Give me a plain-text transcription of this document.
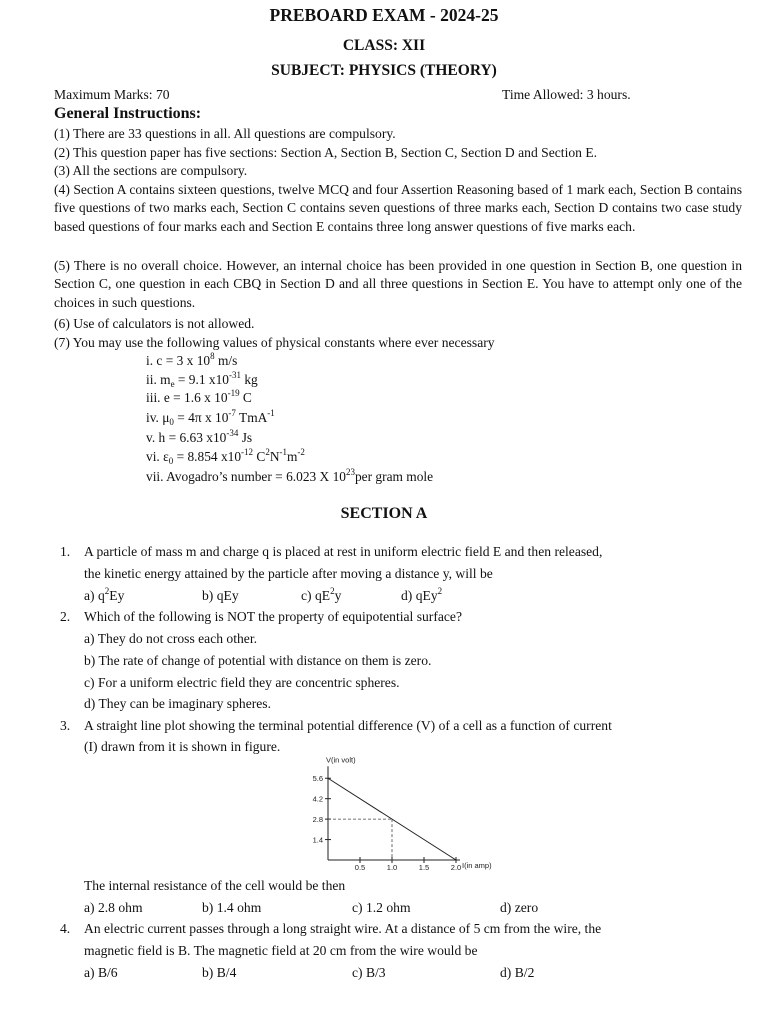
PREBOARD EXAM - 2024-25
CLASS: XII
SUBJECT: PHYSICS (THEORY)
Maximum Marks: 70	Time Allowed: 3 hours.
General Instructions:
(1) There are 33 questions in all. All questions are compulsory.
(2) This question paper has five sections: Section A, Section B, Section C, Section D and Section E.
(3) All the sections are compulsory.
(4) Section A contains sixteen questions, twelve MCQ and four Assertion Reasoning based of 1 mark each, Section B contains five questions of two marks each, Section C contains seven questions of three marks each, Section D contains two case study based questions of four marks each and Section E contains three long answer questions of five marks each.
(5) There is no overall choice. However, an internal choice has been provided in one question in Section B, one question in Section C, one question in each CBQ in Section D and all three questions in Section E. You have to attempt only one of the choices in such questions.
(6) Use of calculators is not allowed.
(7) You may use the following values of physical constants where ever necessary
i. c = 3 x $10^8$ m/s
ii. $m_e = 9.1$ $x10^{-31}$ kg
iii. e = 1.6 x $10^{-19}$ C
iv. $\mu_0 = 4\pi$ x $10^{-7}$ TmA$^{-1}$
v. h = 6.63 $x10^{-34}$ Js
vi. $\varepsilon_0 = 8.854$ $x10^{-12}$ $C^2N^{-1}m^{-2}$
vii. Avogadro’s number = 6.023 X $10^{23}per$ gram mole
SECTION A
1. A particle of mass m and charge q is placed at rest in uniform electric field E and then released,
the kinetic energy attained by the particle after moving a distance y, will be
a) $q^2Ey$	b) qEy	c) $qE^2y$	d) qEy$^2$
2. Which of the following is NOT the property of equipotential surface?
a) They do not cross each other.
b) The rate of change of potential with distance on them is zero.
c) For a uniform electric field they are concentric spheres.
d) They can be imaginary spheres.
3. A straight line plot showing the terminal potential difference (V) of a cell as a function of current
(I) drawn from it is shown in figure.
V(in volt)
I(in amp)
5.6
4.2
2.8
1.4
0.5	1.0	1.5	2.0
The internal resistance of the cell would be then
a) 2.8 ohm	b) 1.4 ohm	c) 1.2 ohm	d) zero
4. An electric current passes through a long straight wire. At a distance of 5 cm from the wire, the
magnetic field is B. The magnetic field at 20 cm from the wire would be
a) B/6	b) B/4	c) B/3	d) B/2
